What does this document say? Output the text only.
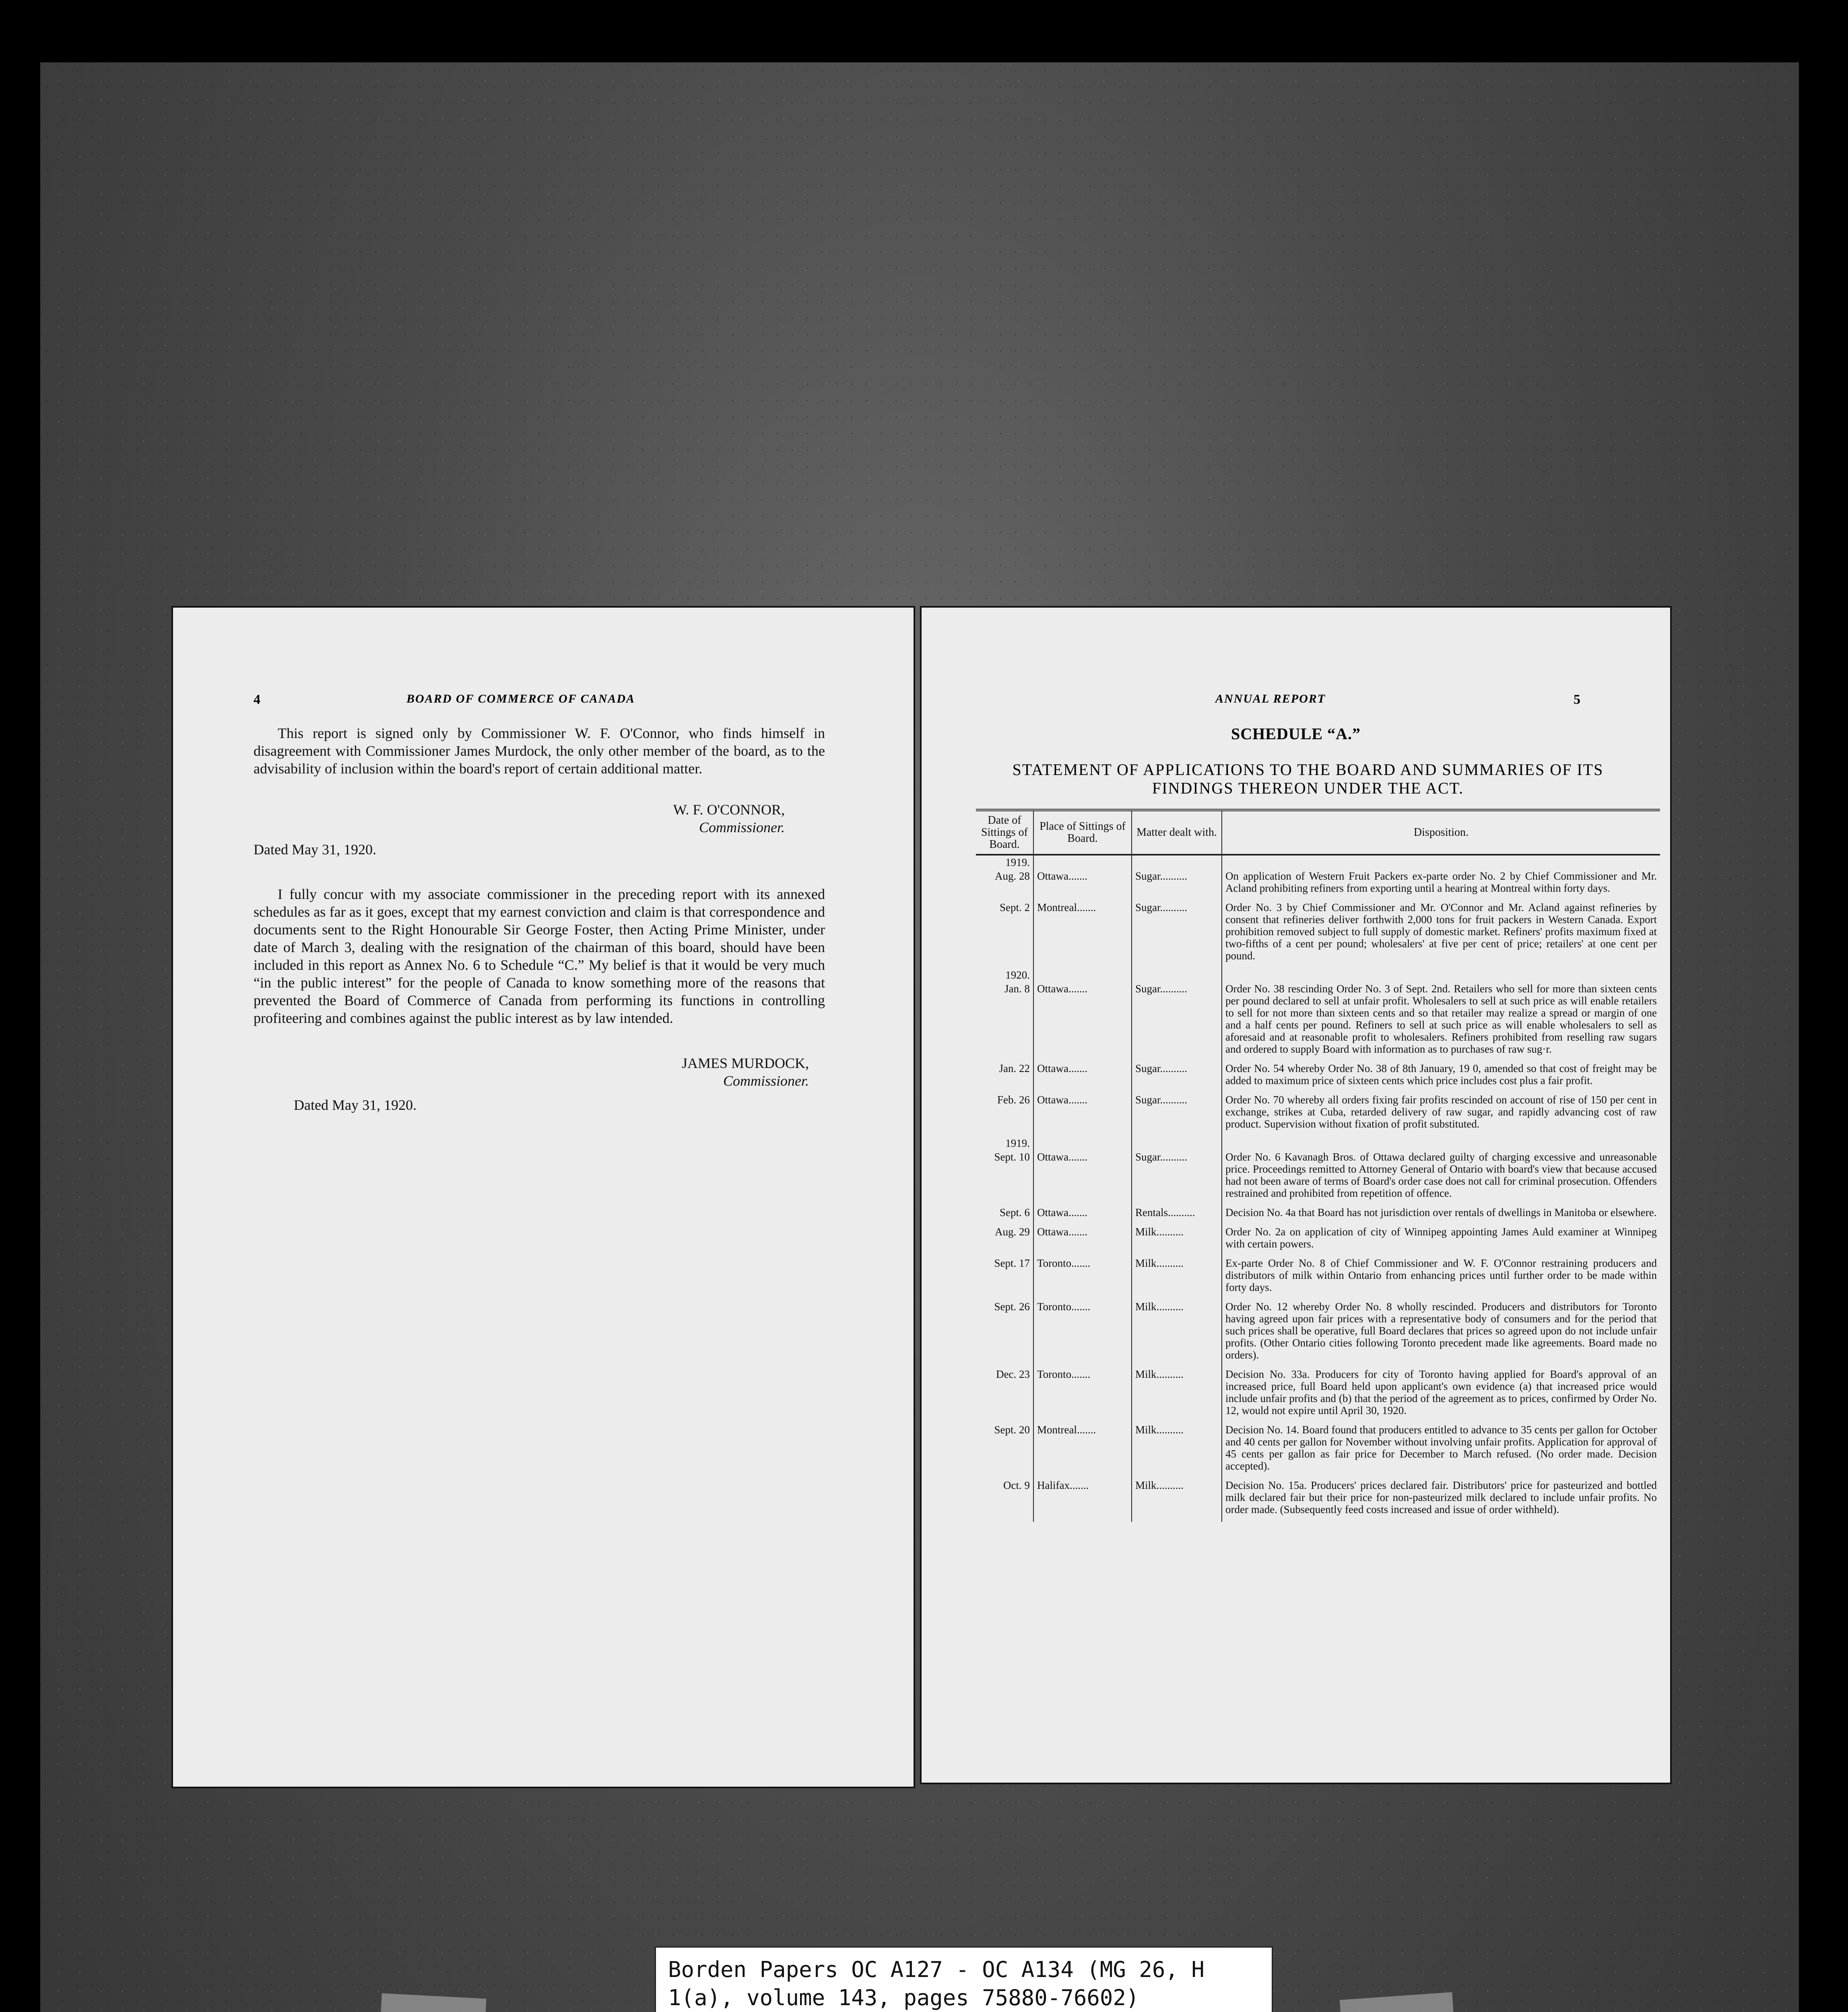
4	BOARD OF COMMERCE OF CANADA

This report is signed only by Commissioner W. F. O'Connor, who finds himself in disagreement with Commissioner James Murdock, the only other member of the board, as to the advisability of inclusion within the board's report of certain additional matter.

W. F. O'CONNOR,
Commissioner.
Dated May 31, 1920.

I fully concur with my associate commissioner in the preceding report with its annexed schedules as far as it goes, except that my earnest conviction and claim is that correspondence and documents sent to the Right Honourable Sir George Foster, then Acting Prime Minister, under date of March 3, dealing with the resignation of the chairman of this board, should have been included in this report as Annex No. 6 to Schedule “C.” My belief is that it would be very much “in the public interest” for the people of Canada to know something more of the reasons that prevented the Board of Commerce of Canada from performing its functions in controlling profiteering and combines against the public interest as by law intended.

JAMES MURDOCK,
Commissioner.
Dated May 31, 1920.
ANNUAL REPORT	5
SCHEDULE “A.”
STATEMENT OF APPLICATIONS TO THE BOARD AND SUMMARIES OF ITS FINDINGS THEREON UNDER THE ACT.
Date of Sittings of Board.	Place of Sittings of Board.	Matter dealt with.	Disposition.
1919.			
Aug. 28	Ottawa.......	Sugar..........	On application of Western Fruit Packers ex-parte order No. 2 by Chief Commissioner and Mr. Acland prohibiting refiners from exporting until a hearing at Montreal within forty days.

Sept. 2	Montreal.......	Sugar..........	Order No. 3 by Chief Commissioner and Mr. O'Connor and Mr. Acland against refineries by consent that refineries deliver forthwith 2,000 tons for fruit packers in Western Canada. Export prohibition removed subject to full supply of domestic market. Refiners' profits maximum fixed at two-fifths of a cent per pound; wholesalers' at five per cent of price; retailers' at one cent per pound.

1920.			
Jan. 8	Ottawa.......	Sugar..........	Order No. 38 rescinding Order No. 3 of Sept. 2nd. Retailers who sell for more than sixteen cents per pound declared to sell at unfair profit. Wholesalers to sell at such price as will enable retailers to sell for not more than sixteen cents and so that retailer may realize a spread or margin of one and a half cents per pound. Refiners to sell at such price as will enable wholesalers to sell as aforesaid and at reasonable profit to wholesalers. Refiners prohibited from reselling raw sugars and ordered to supply Board with information as to purchases of raw sug·r.

Jan. 22	Ottawa.......	Sugar..........	Order No. 54 whereby Order No. 38 of 8th January, 19 0, amended so that cost of freight may be added to maximum price of sixteen cents which price includes cost plus a fair profit.

Feb. 26	Ottawa.......	Sugar..........	Order No. 70 whereby all orders fixing fair profits rescinded on account of rise of 150 per cent in exchange, strikes at Cuba, retarded delivery of raw sugar, and rapidly advancing cost of raw product. Supervision without fixation of profit substituted.

1919.			
Sept. 10	Ottawa.......	Sugar..........	Order No. 6 Kavanagh Bros. of Ottawa declared guilty of charging excessive and unreasonable price. Proceedings remitted to Attorney General of Ontario with board's view that because accused had not been aware of terms of Board's order case does not call for criminal prosecution. Offenders restrained and prohibited from repetition of offence.

Sept. 6	Ottawa.......	Rentals..........	Decision No. 4a that Board has not jurisdiction over rentals of dwellings in Manitoba or elsewhere.

Aug. 29	Ottawa.......	Milk..........	Order No. 2a on application of city of Winnipeg appointing James Auld examiner at Winnipeg with certain powers.

Sept. 17	Toronto.......	Milk..........	Ex-parte Order No. 8 of Chief Commissioner and W. F. O'Connor restraining producers and distributors of milk within Ontario from enhancing prices until further order to be made within forty days.

Sept. 26	Toronto.......	Milk..........	Order No. 12 whereby Order No. 8 wholly rescinded. Producers and distributors for Toronto having agreed upon fair prices with a representative body of consumers and for the period that such prices shall be operative, full Board declares that prices so agreed upon do not include unfair profits. (Other Ontario cities following Toronto precedent made like agreements. Board made no orders).

Dec. 23	Toronto.......	Milk..........	Decision No. 33a. Producers for city of Toronto having applied for Board's approval of an increased price, full Board held upon applicant's own evidence (a) that increased price would include unfair profits and (b) that the period of the agreement as to prices, confirmed by Order No. 12, would not expire until April 30, 1920.

Sept. 20	Montreal.......	Milk..........	Decision No. 14. Board found that producers entitled to advance to 35 cents per gallon for October and 40 cents per gallon for November without involving unfair profits. Application for approval of 45 cents per gallon as fair price for December to March refused. (No order made. Decision accepted).

Oct. 9	Halifax.......	Milk..........	Decision No. 15a. Producers' prices declared fair. Distributors' price for pasteurized and bottled milk declared fair but their price for non-pasteurized milk declared to include unfair profits. No order made. (Subsequently feed costs increased and issue of order withheld).

Borden Papers OC A127 - OC A134 (MG 26, H 1(a), volume 143, pages 75880-76602)
